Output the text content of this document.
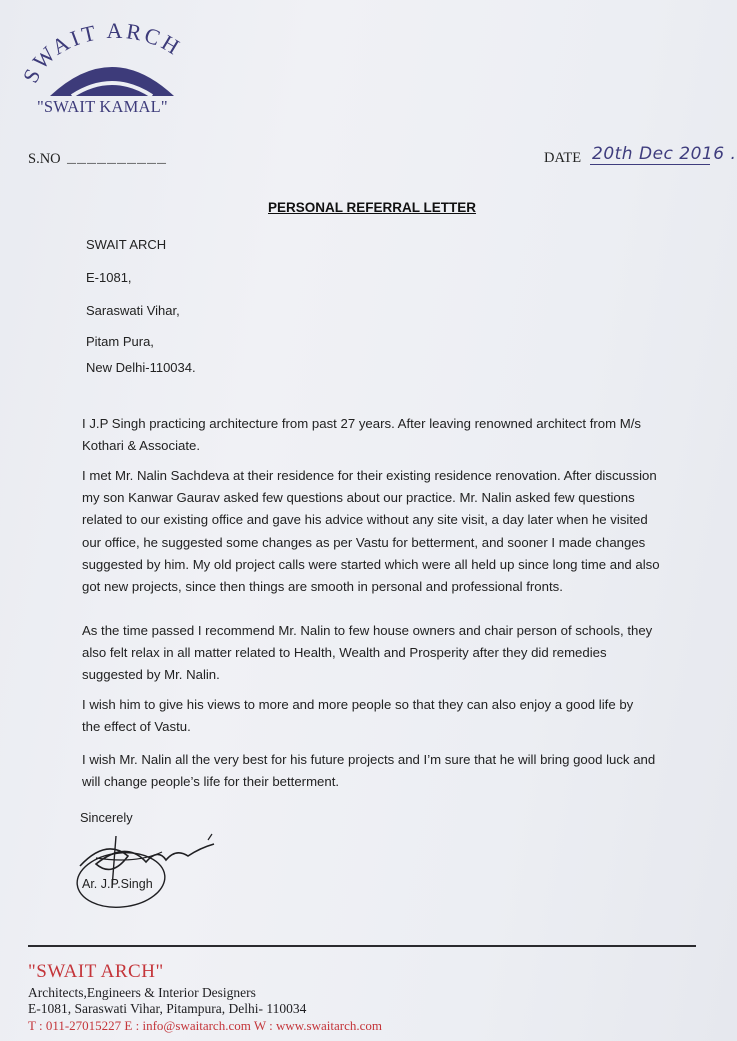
SWAIT ARCH
"SWAIT KAMAL"
S.NO __________	DATE 20th Dec 2016 .
PERSONAL REFERRAL LETTER
SWAIT ARCH
E-1081,
Saraswati Vihar,
Pitam Pura,
New Delhi-110034.

I J.P Singh practicing architecture from past 27 years. After leaving renowned architect from M/s Kothari & Associate.

I met Mr. Nalin Sachdeva at their residence for their existing residence renovation. After discussion my son Kanwar Gaurav asked few questions about our practice. Mr. Nalin asked few questions related to our existing office and gave his advice without any site visit, a day later when he visited our office, he suggested some changes as per Vastu for betterment, and sooner I made changes suggested by him. My old project calls were started which were all held up since long time and also got new projects, since then things are smooth in personal and professional fronts.

As the time passed I recommend Mr. Nalin to few house owners and chair person of schools, they also felt relax in all matter related to Health, Wealth and Prosperity after they did remedies suggested by Mr. Nalin.

I wish him to give his views to more and more people so that they can also enjoy a good life by the effect of Vastu.

I wish Mr. Nalin all the very best for his future projects and I’m sure that he will bring good luck and will change people’s life for their betterment.

Sincerely
Ar. J.P.Singh
"SWAIT ARCH"
Architects,Engineers & Interior Designers
E-1081, Saraswati Vihar, Pitampura, Delhi- 110034
T : 011-27015227 E : info@swaitarch.com W : www.swaitarch.com
